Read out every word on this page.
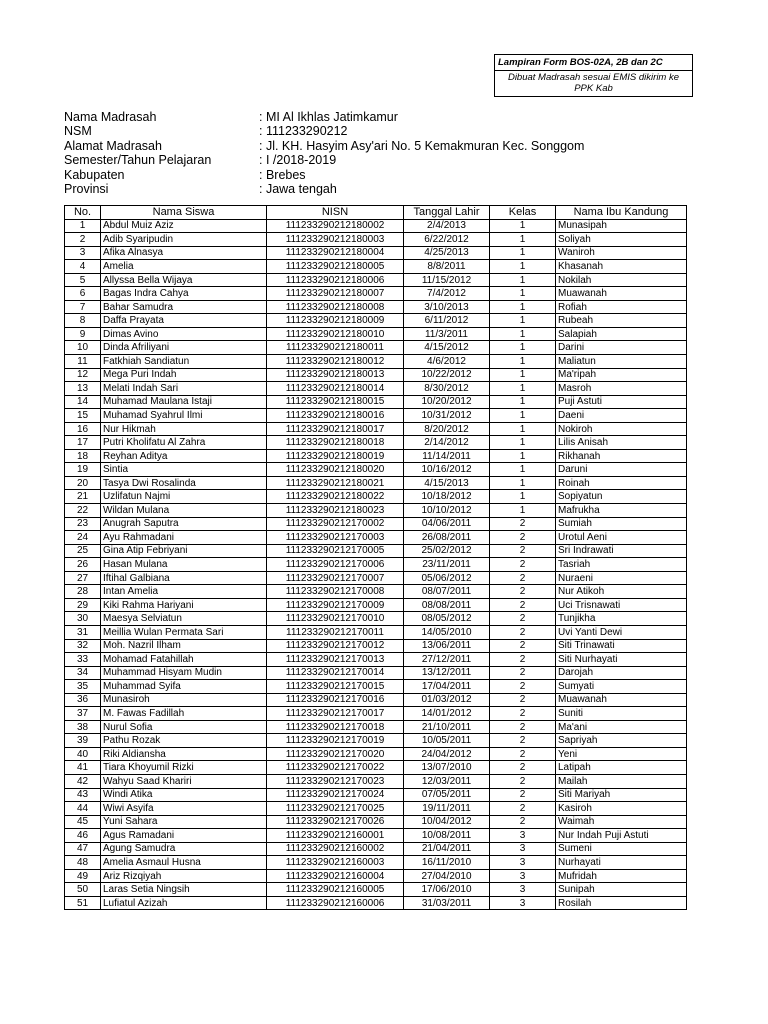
Lampiran Form BOS-02A, 2B dan 2C
Dibuat Madrasah sesuai EMIS dikirim ke PPK Kab
Nama Madrasah	: MI Al Ikhlas Jatimkamur
NSM	: 111233290212
Alamat Madrasah	: Jl. KH. Hasyim Asy'ari No. 5 Kemakmuran Kec. Songgom
Semester/Tahun Pelajaran	: I /2018-2019
Kabupaten	: Brebes
Provinsi	: Jawa tengah
No.	Nama Siswa	NISN	Tanggal Lahir	Kelas	Nama Ibu Kandung
1	Abdul Muiz Aziz	111233290212180002	2/4/2013	1	Munasipah
2	Adib Syaripudin	111233290212180003	6/22/2012	1	Soliyah
3	Afika Alnasya	111233290212180004	4/25/2013	1	Waniroh
4	Amelia	111233290212180005	8/8/2011	1	Khasanah
5	Allyssa Bella Wijaya	111233290212180006	11/15/2012	1	Nokilah
6	Bagas Indra Cahya	111233290212180007	7/4/2012	1	Muawanah
7	Bahar Samudra	111233290212180008	3/10/2013	1	Rofiah
8	Daffa Prayata	111233290212180009	6/11/2012	1	Rubeah
9	Dimas Avino	111233290212180010	11/3/2011	1	Salapiah
10	Dinda Afriliyani	111233290212180011	4/15/2012	1	Darini
11	Fatkhiah Sandiatun	111233290212180012	4/6/2012	1	Maliatun
12	Mega Puri Indah	111233290212180013	10/22/2012	1	Ma'ripah
13	Melati Indah Sari	111233290212180014	8/30/2012	1	Masroh
14	Muhamad Maulana Istaji	111233290212180015	10/20/2012	1	Puji Astuti
15	Muhamad Syahrul Ilmi	111233290212180016	10/31/2012	1	Daeni
16	Nur Hikmah	111233290212180017	8/20/2012	1	Nokiroh
17	Putri Kholifatu Al Zahra	111233290212180018	2/14/2012	1	Lilis Anisah
18	Reyhan Aditya	111233290212180019	11/14/2011	1	Rikhanah
19	Sintia	111233290212180020	10/16/2012	1	Daruni
20	Tasya Dwi Rosalinda	111233290212180021	4/15/2013	1	Roinah
21	Uzlifatun Najmi	111233290212180022	10/18/2012	1	Sopiyatun
22	Wildan Mulana	111233290212180023	10/10/2012	1	Mafrukha
23	Anugrah Saputra	111233290212170002	04/06/2011	2	Sumiah
24	Ayu Rahmadani	111233290212170003	26/08/2011	2	Urotul Aeni
25	Gina Atip Febriyani	111233290212170005	25/02/2012	2	Sri Indrawati
26	Hasan Mulana	111233290212170006	23/11/2011	2	Tasriah
27	Iftihal Galbiana	111233290212170007	05/06/2012	2	Nuraeni
28	Intan Amelia	111233290212170008	08/07/2011	2	Nur Atikoh
29	Kiki Rahma Hariyani	111233290212170009	08/08/2011	2	Uci Trisnawati
30	Maesya Selviatun	111233290212170010	08/05/2012	2	Tunjikha
31	Meillia Wulan Permata Sari	111233290212170011	14/05/2010	2	Uvi Yanti Dewi
32	Moh. Nazril Ilham	111233290212170012	13/06/2011	2	Siti Trinawati
33	Mohamad Fatahillah	111233290212170013	27/12/2011	2	Siti Nurhayati
34	Muhammad Hisyam Mudin	111233290212170014	13/12/2011	2	Darojah
35	Muhammad Syifa	111233290212170015	17/04/2011	2	Sumyati
36	Munasiroh	111233290212170016	01/03/2012	2	Muawanah
37	M. Fawas Fadillah	111233290212170017	14/01/2012	2	Suniti
38	Nurul Sofia	111233290212170018	21/10/2011	2	Ma'ani
39	Pathu Rozak	111233290212170019	10/05/2011	2	Sapriyah
40	Riki Aldiansha	111233290212170020	24/04/2012	2	Yeni
41	Tiara Khoyumil Rizki	111233290212170022	13/07/2010	2	Latipah
42	Wahyu Saad Khariri	111233290212170023	12/03/2011	2	Mailah
43	Windi Atika	111233290212170024	07/05/2011	2	Siti Mariyah
44	Wiwi Asyifa	111233290212170025	19/11/2011	2	Kasiroh
45	Yuni Sahara	111233290212170026	10/04/2012	2	Waimah
46	Agus Ramadani	111233290212160001	10/08/2011	3	Nur Indah Puji Astuti
47	Agung Samudra	111233290212160002	21/04/2011	3	Sumeni
48	Amelia Asmaul Husna	111233290212160003	16/11/2010	3	Nurhayati
49	Ariz Rizqiyah	111233290212160004	27/04/2010	3	Mufridah
50	Laras Setia Ningsih	111233290212160005	17/06/2010	3	Sunipah
51	Lufiatul Azizah	111233290212160006	31/03/2011	3	Rosilah
